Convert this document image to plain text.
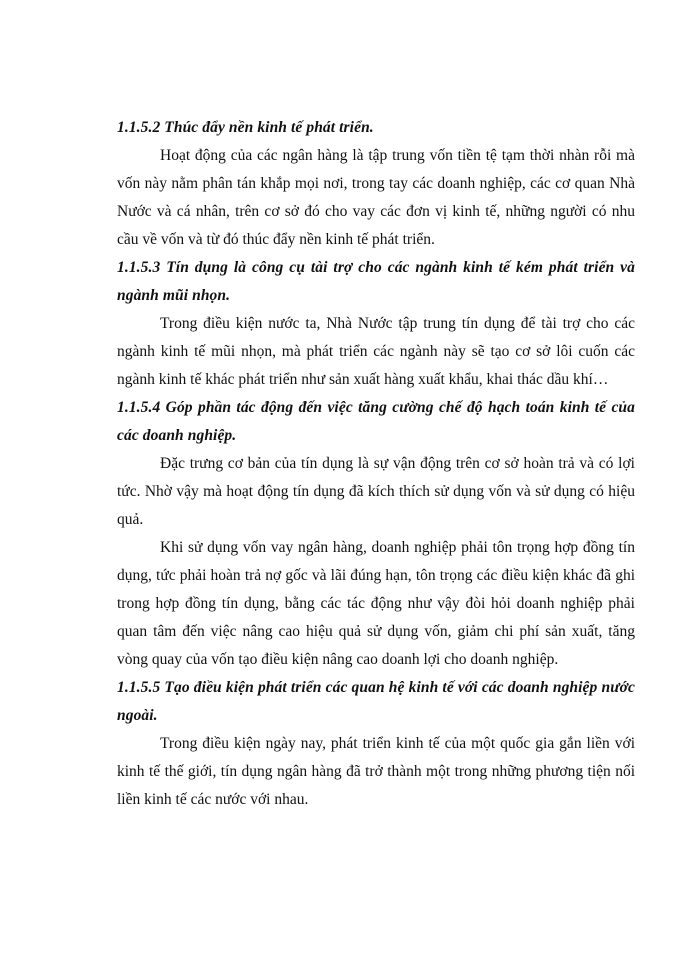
1.1.5.2 Thúc đẩy nền kinh tế phát triển.

Hoạt động của các ngân hàng là tập trung vốn tiền tệ tạm thời nhàn rỗi mà vốn này nằm phân tán khắp mọi nơi, trong tay các doanh nghiệp, các cơ quan Nhà Nước và cá nhân, trên cơ sở đó cho vay các đơn vị kinh tế, những người có nhu cầu về vốn và từ đó thúc đẩy nền kinh tế phát triển.

1.1.5.3 Tín dụng là công cụ tài trợ cho các ngành kinh tế kém phát triển và ngành mũi nhọn.

Trong điều kiện nước ta, Nhà Nước tập trung tín dụng để tài trợ cho các ngành kinh tế mũi nhọn, mà phát triển các ngành này sẽ tạo cơ sở lôi cuốn các ngành kinh tế khác phát triển như sản xuất hàng xuất khẩu, khai thác dầu khí…

1.1.5.4 Góp phần tác động đến việc tăng cường chế độ hạch toán kinh tế của các doanh nghiệp.

Đặc trưng cơ bản của tín dụng là sự vận động trên cơ sở hoàn trả và có lợi tức. Nhờ vậy mà hoạt động tín dụng đã kích thích sử dụng vốn và sử dụng có hiệu quả.

Khi sử dụng vốn vay ngân hàng, doanh nghiệp phải tôn trọng hợp đồng tín dụng, tức phải hoàn trả nợ gốc và lãi đúng hạn, tôn trọng các điều kiện khác đã ghi trong hợp đồng tín dụng, bằng các tác động như vậy đòi hỏi doanh nghiệp phải quan tâm đến việc nâng cao hiệu quả sử dụng vốn, giảm chi phí sản xuất, tăng vòng quay của vốn tạo điều kiện nâng cao doanh lợi cho doanh nghiệp.

1.1.5.5 Tạo điều kiện phát triển các quan hệ kinh tế với các doanh nghiệp nước ngoài.

Trong điều kiện ngày nay, phát triển kinh tế của một quốc gia gắn liền với kinh tế thế giới, tín dụng ngân hàng đã trở thành một trong những phương tiện nối liền kinh tế các nước với nhau.
